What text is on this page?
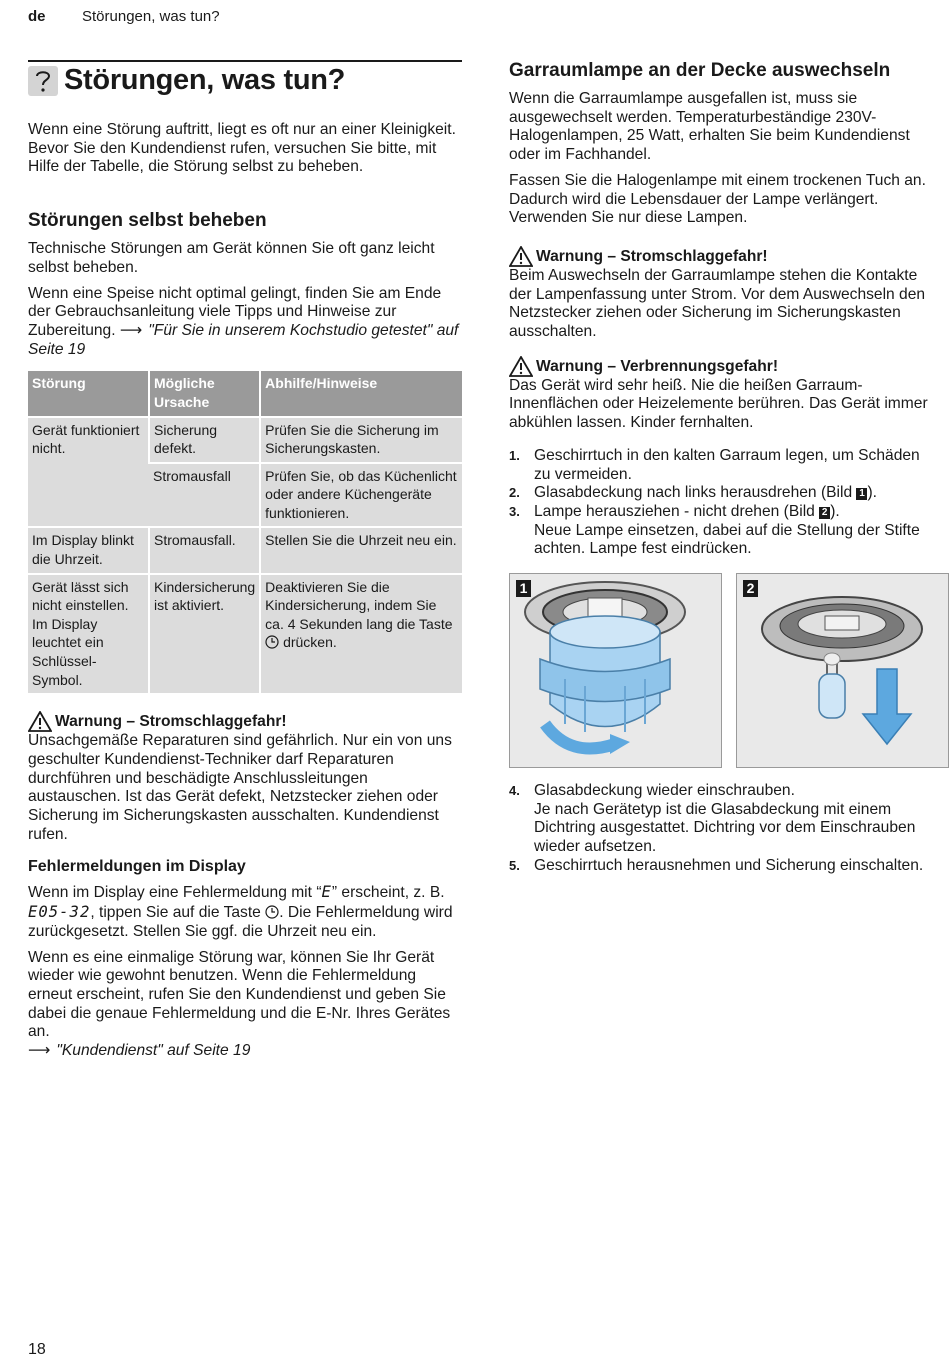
de Störungen, was tun?
Störungen, was tun?

Wenn eine Störung auftritt, liegt es oft nur an einer Kleinigkeit. Bevor Sie den Kundendienst rufen, versuchen Sie bitte, mit Hilfe der Tabelle, die Störung selbst zu beheben.

Störungen selbst beheben

Technische Störungen am Gerät können Sie oft ganz leicht selbst beheben.

Wenn eine Speise nicht optimal gelingt, finden Sie am Ende der Gebrauchsanleitung viele Tipps und Hinweise zur Zubereitung. ⟶ "Für Sie in unserem Kochstudio getestet" auf Seite 19

Störung	Mögliche Ursache	Abhilfe/Hinweise
Gerät funktioniert nicht.	Sicherung defekt.	Prüfen Sie die Sicherung im Sicherungskasten.
	Stromausfall	Prüfen Sie, ob das Küchenlicht oder andere Küchengeräte funktionieren.
Im Display blinkt die Uhrzeit.	Stromausfall.	Stellen Sie die Uhrzeit neu ein.
Gerät lässt sich nicht einstellen. Im Display leuchtet ein Schlüssel-Symbol.	Kindersicherung ist aktiviert.	Deaktivieren Sie die Kindersicherung, indem Sie ca. 4 Sekunden lang die Taste  drücken.
Warnung – Stromschlaggefahr!
Unsachgemäße Reparaturen sind gefährlich. Nur ein von uns geschulter Kundendienst-Techniker darf Reparaturen durchführen und beschädigte Anschlussleitungen austauschen. Ist das Gerät defekt, Netzstecker ziehen oder Sicherung im Sicherungskasten ausschalten. Kundendienst rufen.
Fehlermeldungen im Display

Wenn im Display eine Fehlermeldung mit “E” erscheint, z. B. E05-32, tippen Sie auf die Taste . Die Fehlermeldung wird zurückgesetzt. Stellen Sie ggf. die Uhrzeit neu ein.

Wenn es eine einmalige Störung war, können Sie Ihr Gerät wieder wie gewohnt benutzen. Wenn die Fehlermeldung erneut erscheint, rufen Sie den Kundendienst und geben Sie dabei die genaue Fehlermeldung und die E-Nr. Ihres Gerätes an.
⟶ "Kundendienst" auf Seite 19

Garraumlampe an der Decke auswechseln

Wenn die Garraumlampe ausgefallen ist, muss sie ausgewechselt werden. Temperaturbeständige 230V-Halogenlampen, 25 Watt, erhalten Sie beim Kundendienst oder im Fachhandel.

Fassen Sie die Halogenlampe mit einem trockenen Tuch an. Dadurch wird die Lebensdauer der Lampe verlängert. Verwenden Sie nur diese Lampen.

Warnung – Stromschlaggefahr!
Beim Auswechseln der Garraumlampe stehen die Kontakte der Lampenfassung unter Strom. Vor dem Auswechseln den Netzstecker ziehen oder Sicherung im Sicherungskasten ausschalten.
Warnung – Verbrennungsgefahr!
Das Gerät wird sehr heiß. Nie die heißen Garraum-Innenflächen oder Heizelemente berühren. Das Gerät immer abkühlen lassen. Kinder fernhalten.
1. Geschirrtuch in den kalten Garraum legen, um Schäden zu vermeiden.
2. Glasabdeckung nach links herausdrehen (Bild 1 ).
3. Lampe herausziehen - nicht drehen (Bild 2 ).
Neue Lampe einsetzen, dabei auf die Stellung der Stifte achten. Lampe fest eindrücken.
1	2
4. Glasabdeckung wieder einschrauben.
Je nach Gerätetyp ist die Glasabdeckung mit einem Dichtring ausgestattet. Dichtring vor dem Einschrauben wieder aufsetzen.
5. Geschirrtuch herausnehmen und Sicherung einschalten.
18
